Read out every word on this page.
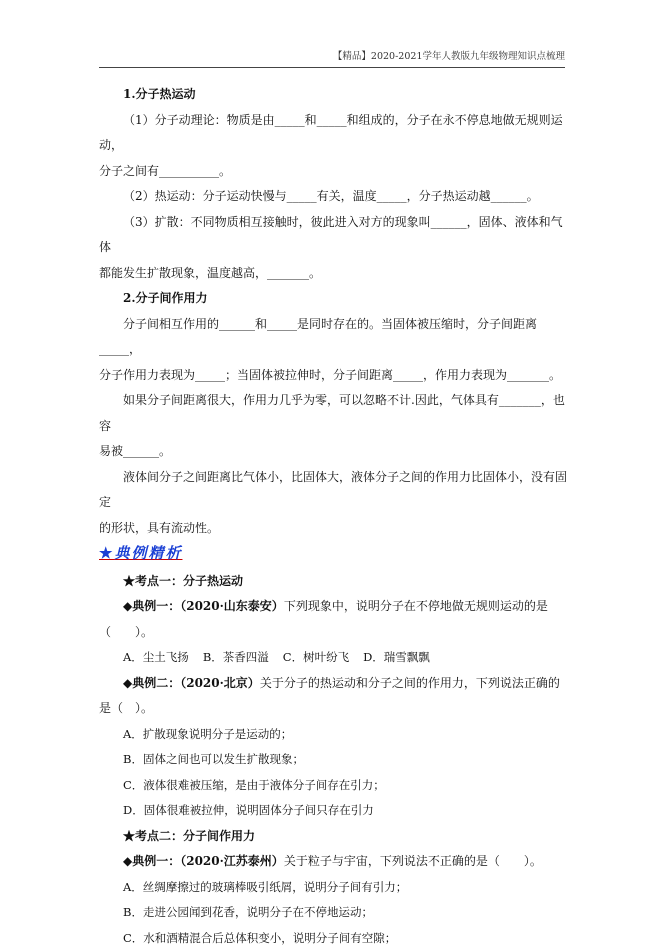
【精品】2020-2021学年人教版九年级物理知识点梳理

1.分子热运动

（1）分子动理论：物质是由_____和_____和组成的，分子在永不停息地做无规则运动，

分子之间有__________。

（2）热运动：分子运动快慢与_____有关，温度_____，分子热运动越______。

（3）扩散：不同物质相互接触时，彼此进入对方的现象叫______，固体、液体和气体

都能发生扩散现象，温度越高，_______。

2.分子间作用力

分子间相互作用的______和_____是同时存在的。当固体被压缩时，分子间距离_____，

分子作用力表现为_____；当固体被拉伸时，分子间距离_____，作用力表现为_______。

如果分子间距离很大，作用力几乎为零，可以忽略不计.因此，气体具有_______，也容

易被______。

液体间分子之间距离比气体小，比固体大，液体分子之间的作用力比固体小，没有固定

的形状，具有流动性。

★典例精析

★考点一：分子热运动

◆典例一：（2020·山东泰安）下列现象中，说明分子在不停地做无规则运动的是

（　　）。

A．尘土飞扬 B．茶香四溢 C．树叶纷飞 D．瑞雪飘飘

◆典例二：（2020·北京）关于分子的热运动和分子之间的作用力，下列说法正确的

是（　）。

A．扩散现象说明分子是运动的；

B．固体之间也可以发生扩散现象；

C．液体很难被压缩，是由于液体分子间存在引力；

D．固体很难被拉伸，说明固体分子间只存在引力

★考点二：分子间作用力

◆典例一：（2020·江苏泰州）关于粒子与宇宙，下列说法不正确的是（　　）。

A．丝绸摩擦过的玻璃棒吸引纸屑，说明分子间有引力；

B．走进公园闻到花香，说明分子在不停地运动；

C．水和酒精混合后总体积变小，说明分子间有空隙；
